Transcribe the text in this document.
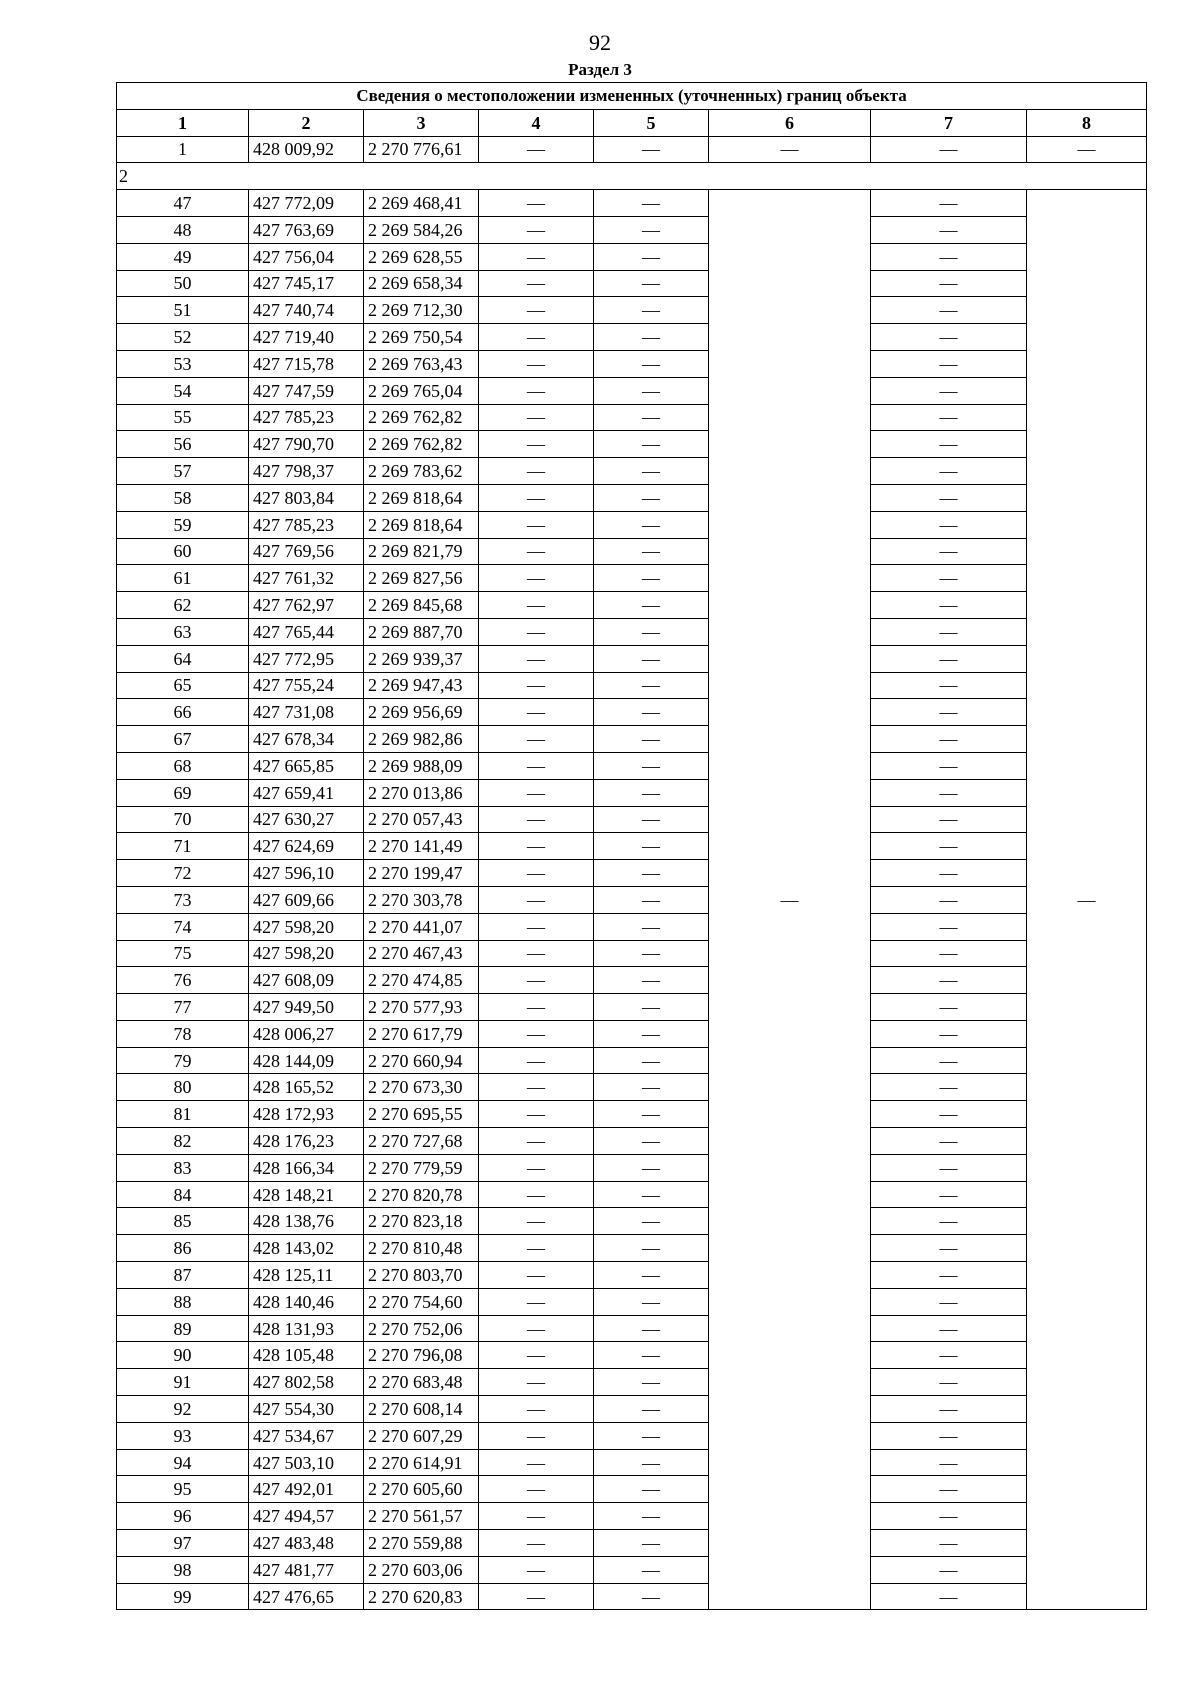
92
Раздел 3
Сведения о местоположении измененных (уточненных) границ объекта							
1	2	3	4	5	6	7	8
1	428 009,92	2 270 776,61	—	—	—	—	—
2							
47	427 772,09	2 269 468,41	—	—	—	—	—
48	427 763,69	2 269 584,26	—	—		—	
49	427 756,04	2 269 628,55	—	—		—	
50	427 745,17	2 269 658,34	—	—		—	
51	427 740,74	2 269 712,30	—	—		—	
52	427 719,40	2 269 750,54	—	—		—	
53	427 715,78	2 269 763,43	—	—		—	
54	427 747,59	2 269 765,04	—	—		—	
55	427 785,23	2 269 762,82	—	—		—	
56	427 790,70	2 269 762,82	—	—		—	
57	427 798,37	2 269 783,62	—	—		—	
58	427 803,84	2 269 818,64	—	—		—	
59	427 785,23	2 269 818,64	—	—		—	
60	427 769,56	2 269 821,79	—	—		—	
61	427 761,32	2 269 827,56	—	—		—	
62	427 762,97	2 269 845,68	—	—		—	
63	427 765,44	2 269 887,70	—	—		—	
64	427 772,95	2 269 939,37	—	—		—	
65	427 755,24	2 269 947,43	—	—		—	
66	427 731,08	2 269 956,69	—	—		—	
67	427 678,34	2 269 982,86	—	—		—	
68	427 665,85	2 269 988,09	—	—		—	
69	427 659,41	2 270 013,86	—	—		—	
70	427 630,27	2 270 057,43	—	—		—	
71	427 624,69	2 270 141,49	—	—		—	
72	427 596,10	2 270 199,47	—	—		—	
73	427 609,66	2 270 303,78	—	—		—	
74	427 598,20	2 270 441,07	—	—		—	
75	427 598,20	2 270 467,43	—	—		—	
76	427 608,09	2 270 474,85	—	—		—	
77	427 949,50	2 270 577,93	—	—		—	
78	428 006,27	2 270 617,79	—	—		—	
79	428 144,09	2 270 660,94	—	—		—	
80	428 165,52	2 270 673,30	—	—		—	
81	428 172,93	2 270 695,55	—	—		—	
82	428 176,23	2 270 727,68	—	—		—	
83	428 166,34	2 270 779,59	—	—		—	
84	428 148,21	2 270 820,78	—	—		—	
85	428 138,76	2 270 823,18	—	—		—	
86	428 143,02	2 270 810,48	—	—		—	
87	428 125,11	2 270 803,70	—	—		—	
88	428 140,46	2 270 754,60	—	—		—	
89	428 131,93	2 270 752,06	—	—		—	
90	428 105,48	2 270 796,08	—	—		—	
91	427 802,58	2 270 683,48	—	—		—	
92	427 554,30	2 270 608,14	—	—		—	
93	427 534,67	2 270 607,29	—	—		—	
94	427 503,10	2 270 614,91	—	—		—	
95	427 492,01	2 270 605,60	—	—		—	
96	427 494,57	2 270 561,57	—	—		—	
97	427 483,48	2 270 559,88	—	—		—	
98	427 481,77	2 270 603,06	—	—		—	
99	427 476,65	2 270 620,83	—	—		—	
